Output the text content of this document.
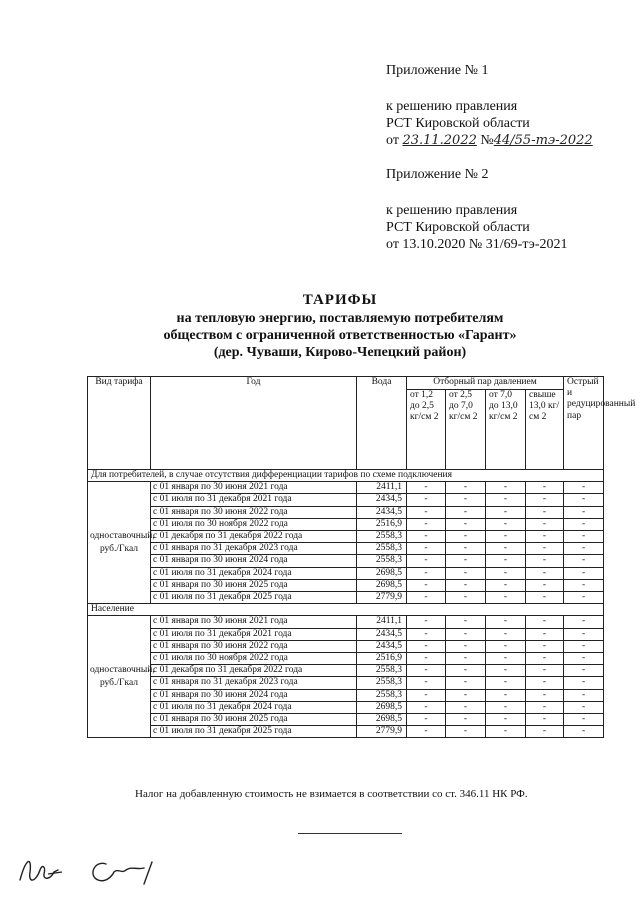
Приложение № 1

к решению правления

РСТ Кировской области

от 23.11.2022 №44/55-тэ-2022

Приложение № 2

к решению правления

РСТ Кировской области

от 13.10.2020 № 31/69-тэ-2021

ТАРИФЫ
на тепловую энергию, поставляемую потребителям
обществом с ограниченной ответственностью «Гарант»
(дер. Чуваши, Кирово-Чепецкий район)
Вид тарифа	Год	Вода	Отборный пар давлением				Острый и редуцированный пар
			от 1,2 до 2,5 кг/см 2	от 2,5 до 7,0 кг/см 2	от 7,0 до 13,0 кг/см 2	свыше 13,0 кг/см 2	
Для потребителей, в случае отсутствия дифференциации тарифов по схеме подключения							
одноставочный, руб./Гкал	с 01 января по 30 июня 2021 года	2411,1	-	-	-	-	-
	с 01 июля по 31 декабря 2021 года	2434,5	-	-	-	-	-
	с 01 января по 30 июня 2022 года	2434,5	-	-	-	-	-
	с 01 июля по 30 ноября 2022 года	2516,9	-	-	-	-	-
	с 01 декабря по 31 декабря 2022 года	2558,3	-	-	-	-	-
	с 01 января по 31 декабря 2023 года	2558,3	-	-	-	-	-
	с 01 января по 30 июня 2024 года	2558,3	-	-	-	-	-
	с 01 июля по 31 декабря 2024 года	2698,5	-	-	-	-	-
	с 01 января по 30 июня 2025 года	2698,5	-	-	-	-	-
	с 01 июля по 31 декабря 2025 года	2779,9	-	-	-	-	-
Население							
одноставочный, руб./Гкал	с 01 января по 30 июня 2021 года	2411,1	-	-	-	-	-
	с 01 июля по 31 декабря 2021 года	2434,5	-	-	-	-	-
	с 01 января по 30 июня 2022 года	2434,5	-	-	-	-	-
	с 01 июля по 30 ноября 2022 года	2516,9	-	-	-	-	-
	с 01 декабря по 31 декабря 2022 года	2558,3	-	-	-	-	-
	с 01 января по 31 декабря 2023 года	2558,3	-	-	-	-	-
	с 01 января по 30 июня 2024 года	2558,3	-	-	-	-	-
	с 01 июля по 31 декабря 2024 года	2698,5	-	-	-	-	-
	с 01 января по 30 июня 2025 года	2698,5	-	-	-	-	-
	с 01 июля по 31 декабря 2025 года	2779,9	-	-	-	-	-
Налог на добавленную стоимость не взимается в соответствии со ст. 346.11 НК РФ.
